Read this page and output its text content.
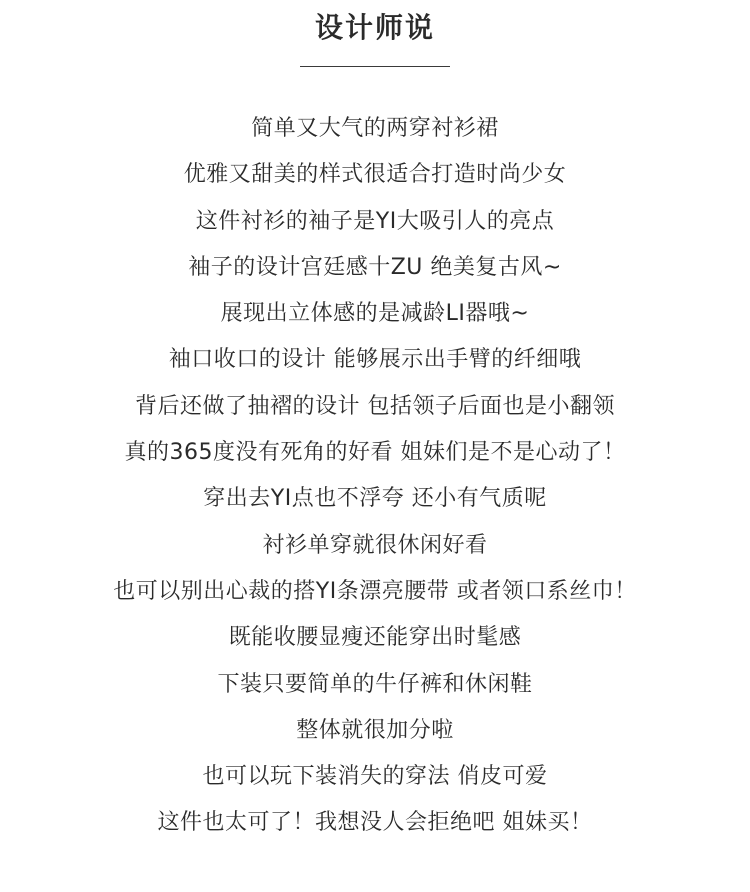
设计师说
简单又大气的两穿衬衫裙
优雅又甜美的样式很适合打造时尚少女
这件衬衫的袖子是YI大吸引人的亮点
袖子的设计宫廷感十ZU 绝美复古风~
展现出立体感的是减龄LI器哦~
袖口收口的设计 能够展示出手臂的纤细哦
背后还做了抽褶的设计 包括领子后面也是小翻领
真的365度没有死角的好看 姐妹们是不是心动了！
穿出去YI点也不浮夸 还小有气质呢
衬衫单穿就很休闲好看
也可以别出心裁的搭YI条漂亮腰带 或者领口系丝巾！
既能收腰显瘦还能穿出时髦感
下装只要简单的牛仔裤和休闲鞋
整体就很加分啦
也可以玩下装消失的穿法 俏皮可爱
这件也太可了！我想没人会拒绝吧 姐妹买！
